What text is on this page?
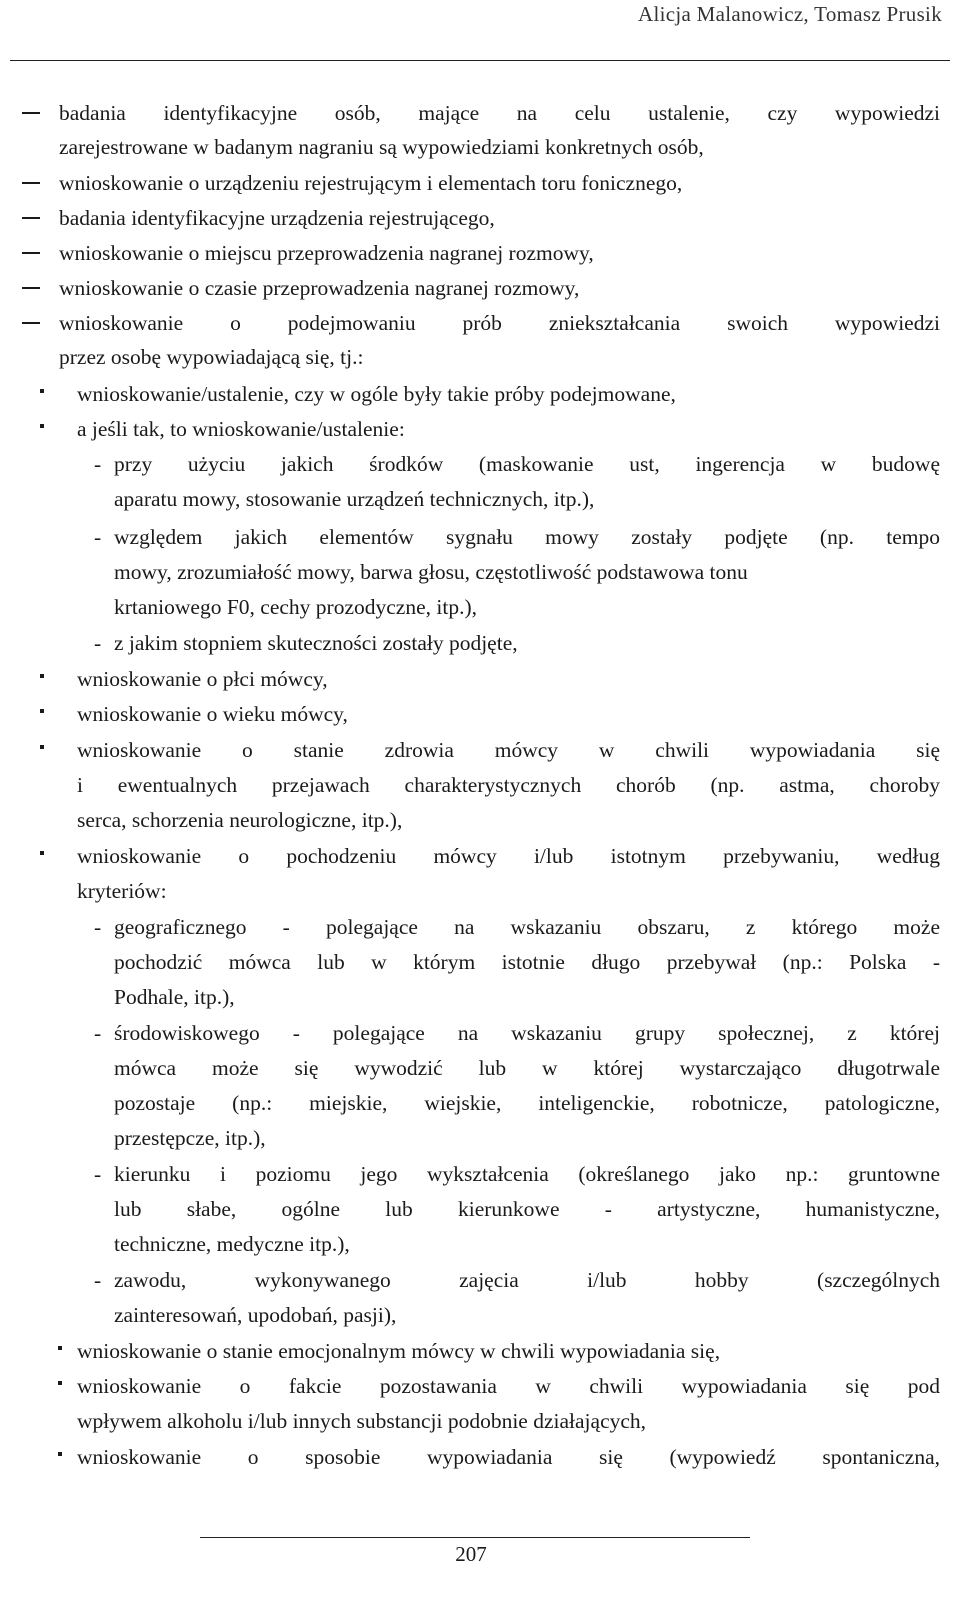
Alicja Malanowicz, Tomasz Prusik
badania identyfikacyjne osób, mające na celu ustalenie, czy wypowiedzi
zarejestrowane w badanym nagraniu są wypowiedziami konkretnych osób,
wnioskowanie o urządzeniu rejestrującym i elementach toru fonicznego,
badania identyfikacyjne urządzenia rejestrującego,
wnioskowanie o miejscu przeprowadzenia nagranej rozmowy,
wnioskowanie o czasie przeprowadzenia nagranej rozmowy,
wnioskowanie o podejmowaniu prób zniekształcania swoich wypowiedzi
przez osobę wypowiadającą się, tj.:
wnioskowanie/ustalenie, czy w ogóle były takie próby podejmowane,
a jeśli tak, to wnioskowanie/ustalenie:
- przy użyciu jakich środków (maskowanie ust, ingerencja w budowę
aparatu mowy, stosowanie urządzeń technicznych, itp.),
- względem jakich elementów sygnału mowy zostały podjęte (np. tempo
mowy, zrozumiałość mowy, barwa głosu, częstotliwość podstawowa tonu
krtaniowego F0, cechy prozodyczne, itp.),
- z jakim stopniem skuteczności zostały podjęte,
wnioskowanie o płci mówcy,
wnioskowanie o wieku mówcy,
wnioskowanie o stanie zdrowia mówcy w chwili wypowiadania się
i ewentualnych przejawach charakterystycznych chorób (np. astma, choroby
serca, schorzenia neurologiczne, itp.),
wnioskowanie o pochodzeniu mówcy i/lub istotnym przebywaniu, według
kryteriów:
- geograficznego - polegające na wskazaniu obszaru, z którego może
pochodzić mówca lub w którym istotnie długo przebywał (np.: Polska -
Podhale, itp.),
- środowiskowego - polegające na wskazaniu grupy społecznej, z której
mówca może się wywodzić lub w której wystarczająco długotrwale
pozostaje (np.: miejskie, wiejskie, inteligenckie, robotnicze, patologiczne,
przestępcze, itp.),
- kierunku i poziomu jego wykształcenia (określanego jako np.: gruntowne
lub słabe, ogólne lub kierunkowe - artystyczne, humanistyczne,
techniczne, medyczne itp.),
- zawodu, wykonywanego zajęcia i/lub hobby (szczególnych
zainteresowań, upodobań, pasji),
wnioskowanie o stanie emocjonalnym mówcy w chwili wypowiadania się,
wnioskowanie o fakcie pozostawania w chwili wypowiadania się pod
wpływem alkoholu i/lub innych substancji podobnie działających,
wnioskowanie o sposobie wypowiadania się (wypowiedź spontaniczna,
207
